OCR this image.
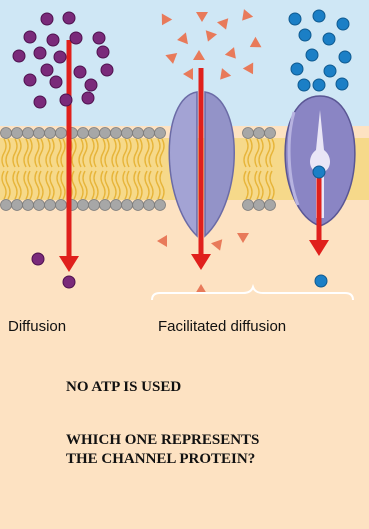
Diffusion	Facilitated diffusion
NO ATP IS USED
WHICH ONE REPRESENTS
THE CHANNEL PROTEIN?
